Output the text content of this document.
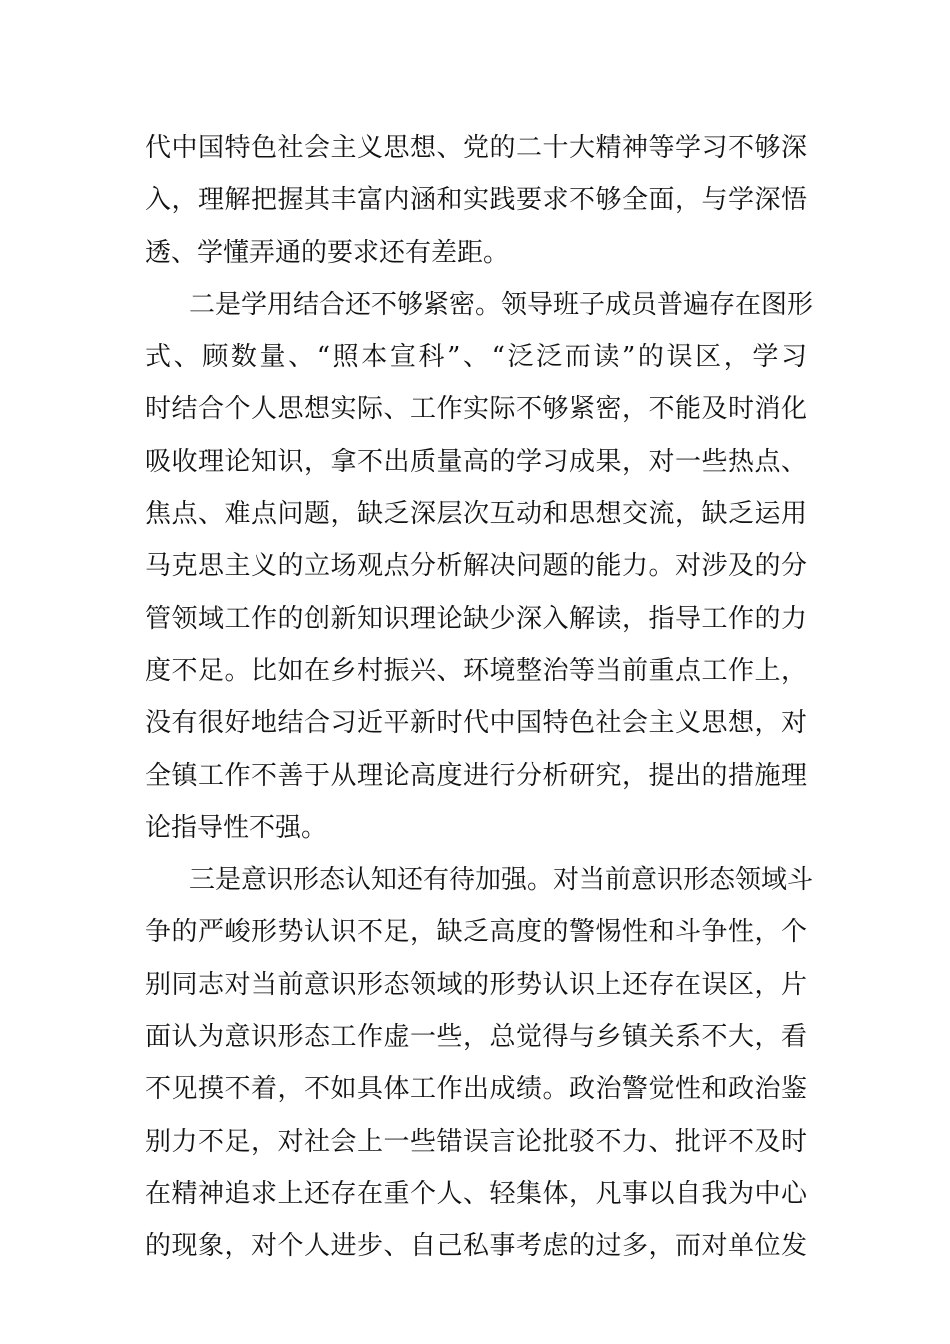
代中国特色社会主义思想、党的二十大精神等学习不够深
入，理解把握其丰富内涵和实践要求不够全面，与学深悟
透、学懂弄通的要求还有差距。
二是学用结合还不够紧密。领导班子成员普遍存在图形
式、顾数量、“照本宣科”、“泛泛而读”的误区，学习
时结合个人思想实际、工作实际不够紧密，不能及时消化
吸收理论知识，拿不出质量高的学习成果，对一些热点、
焦点、难点问题，缺乏深层次互动和思想交流，缺乏运用
马克思主义的立场观点分析解决问题的能力。对涉及的分
管领域工作的创新知识理论缺少深入解读，指导工作的力
度不足。比如在乡村振兴、环境整治等当前重点工作上，
没有很好地结合习近平新时代中国特色社会主义思想，对
全镇工作不善于从理论高度进行分析研究，提出的措施理
论指导性不强。
三是意识形态认知还有待加强。对当前意识形态领域斗
争的严峻形势认识不足，缺乏高度的警惕性和斗争性，个
别同志对当前意识形态领域的形势认识上还存在误区，片
面认为意识形态工作虚一些，总觉得与乡镇关系不大，看
不见摸不着，不如具体工作出成绩。政治警觉性和政治鉴
别力不足，对社会上一些错误言论批驳不力、批评不及时
在精神追求上还存在重个人、轻集体，凡事以自我为中心
的现象，对个人进步、自己私事考虑的过多，而对单位发
